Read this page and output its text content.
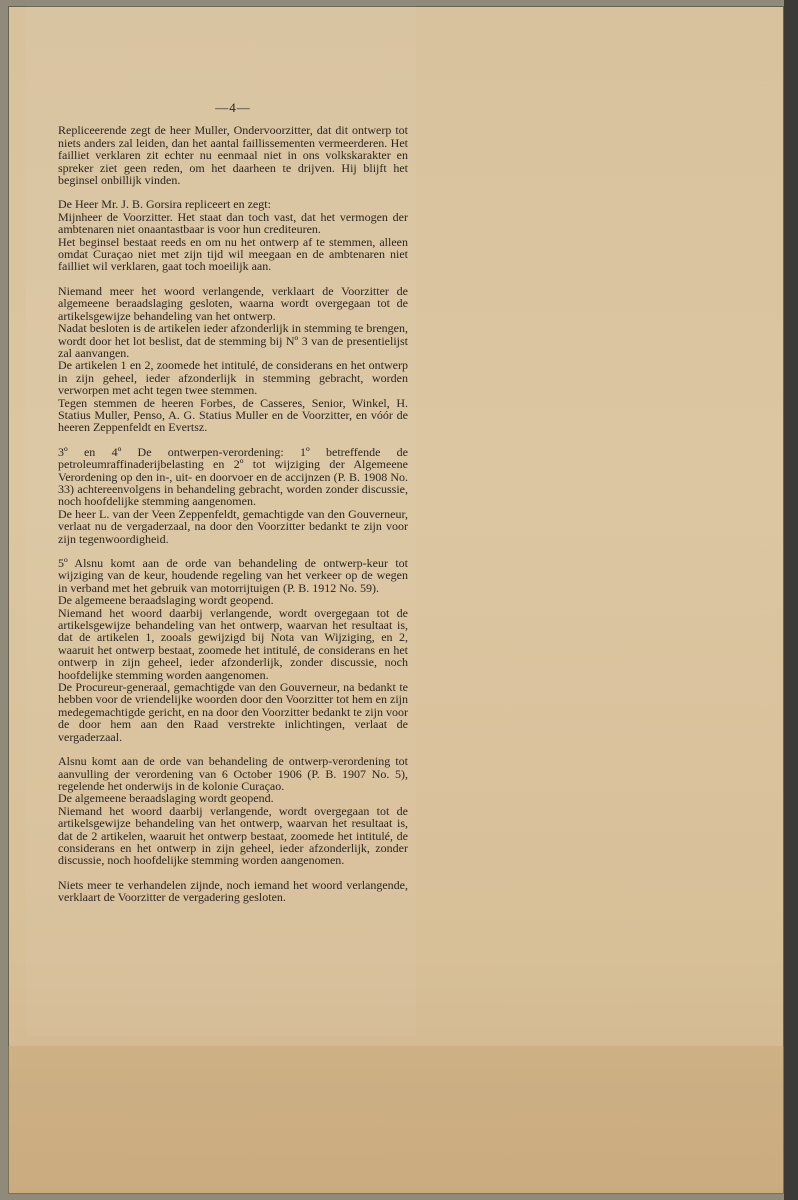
—4—

Repliceerende zegt de heer Muller, Ondervoorzitter, dat dit ontwerp tot niets anders zal leiden, dan het aantal faillissementen vermeerderen. Het failliet verklaren zit echter nu eenmaal niet in ons volkskarakter en spreker ziet geen reden, om het daarheen te drijven. Hij blijft het beginsel onbillijk vinden.

De Heer Mr. J. B. Gorsira repliceert en zegt:

Mijnheer de Voorzitter. Het staat dan toch vast, dat het vermogen der ambtenaren niet onaantastbaar is voor hun crediteuren.

Het beginsel bestaat reeds en om nu het ontwerp af te stemmen, alleen omdat Curaçao niet met zijn tijd wil meegaan en de ambtenaren niet failliet wil verklaren, gaat toch moeilijk aan.

Niemand meer het woord verlangende, verklaart de Voorzitter de algemeene beraadslaging gesloten, waarna wordt overgegaan tot de artikelsgewijze behandeling van het ontwerp.

Nadat besloten is de artikelen ieder afzonderlijk in stemming te brengen, wordt door het lot beslist, dat de stemming bij Nº 3 van de presentielijst zal aanvangen.

De artikelen 1 en 2, zoomede het intitulé, de considerans en het ontwerp in zijn geheel, ieder afzonderlijk in stemming gebracht, worden verworpen met acht tegen twee stemmen.

Tegen stemmen de heeren Forbes, de Casseres, Senior, Winkel, H. Statius Muller, Penso, A. G. Statius Muller en de Voorzitter, en vóór de heeren Zeppenfeldt en Evertsz.

3º en 4º De ontwerpen-verordening: 1º betreffende de petroleumraffinaderijbelasting en 2º tot wijziging der Algemeene Verordening op den in-, uit- en doorvoer en de accijnzen (P. B. 1908 No. 33) achtereenvolgens in behandeling gebracht, worden zonder discussie, noch hoofdelijke stemming aangenomen.

De heer L. van der Veen Zeppenfeldt, gemachtigde van den Gouverneur, verlaat nu de vergaderzaal, na door den Voorzitter bedankt te zijn voor zijn tegenwoordigheid.

5º Alsnu komt aan de orde van behandeling de ontwerp-keur tot wijziging van de keur, houdende regeling van het verkeer op de wegen in verband met het gebruik van motorrijtuigen (P. B. 1912 No. 59).

De algemeene beraadslaging wordt geopend.

Niemand het woord daarbij verlangende, wordt overgegaan tot de artikelsgewijze behandeling van het ontwerp, waarvan het resultaat is, dat de artikelen 1, zooals gewijzigd bij Nota van Wijziging, en 2, waaruit het ontwerp bestaat, zoomede het intitulé, de considerans en het ontwerp in zijn geheel, ieder afzonderlijk, zonder discussie, noch hoofdelijke stemming worden aangenomen.

De Procureur-generaal, gemachtigde van den Gouverneur, na bedankt te hebben voor de vriendelijke woorden door den Voorzitter tot hem en zijn medegemachtigde gericht, en na door den Voorzitter bedankt te zijn voor de door hem aan den Raad verstrekte inlichtingen, verlaat de vergaderzaal.

Alsnu komt aan de orde van behandeling de ontwerp-verordening tot aanvulling der verordening van 6 October 1906 (P. B. 1907 No. 5), regelende het onderwijs in de kolonie Curaçao.

De algemeene beraadslaging wordt geopend.

Niemand het woord daarbij verlangende, wordt overgegaan tot de artikelsgewijze behandeling van het ontwerp, waarvan het resultaat is, dat de 2 artikelen, waaruit het ontwerp bestaat, zoomede het intitulé, de considerans en het ontwerp in zijn geheel, ieder afzonderlijk, zonder discussie, noch hoofdelijke stemming worden aangenomen.

Niets meer te verhandelen zijnde, noch iemand het woord verlangende, verklaart de Voorzitter de vergadering gesloten.
